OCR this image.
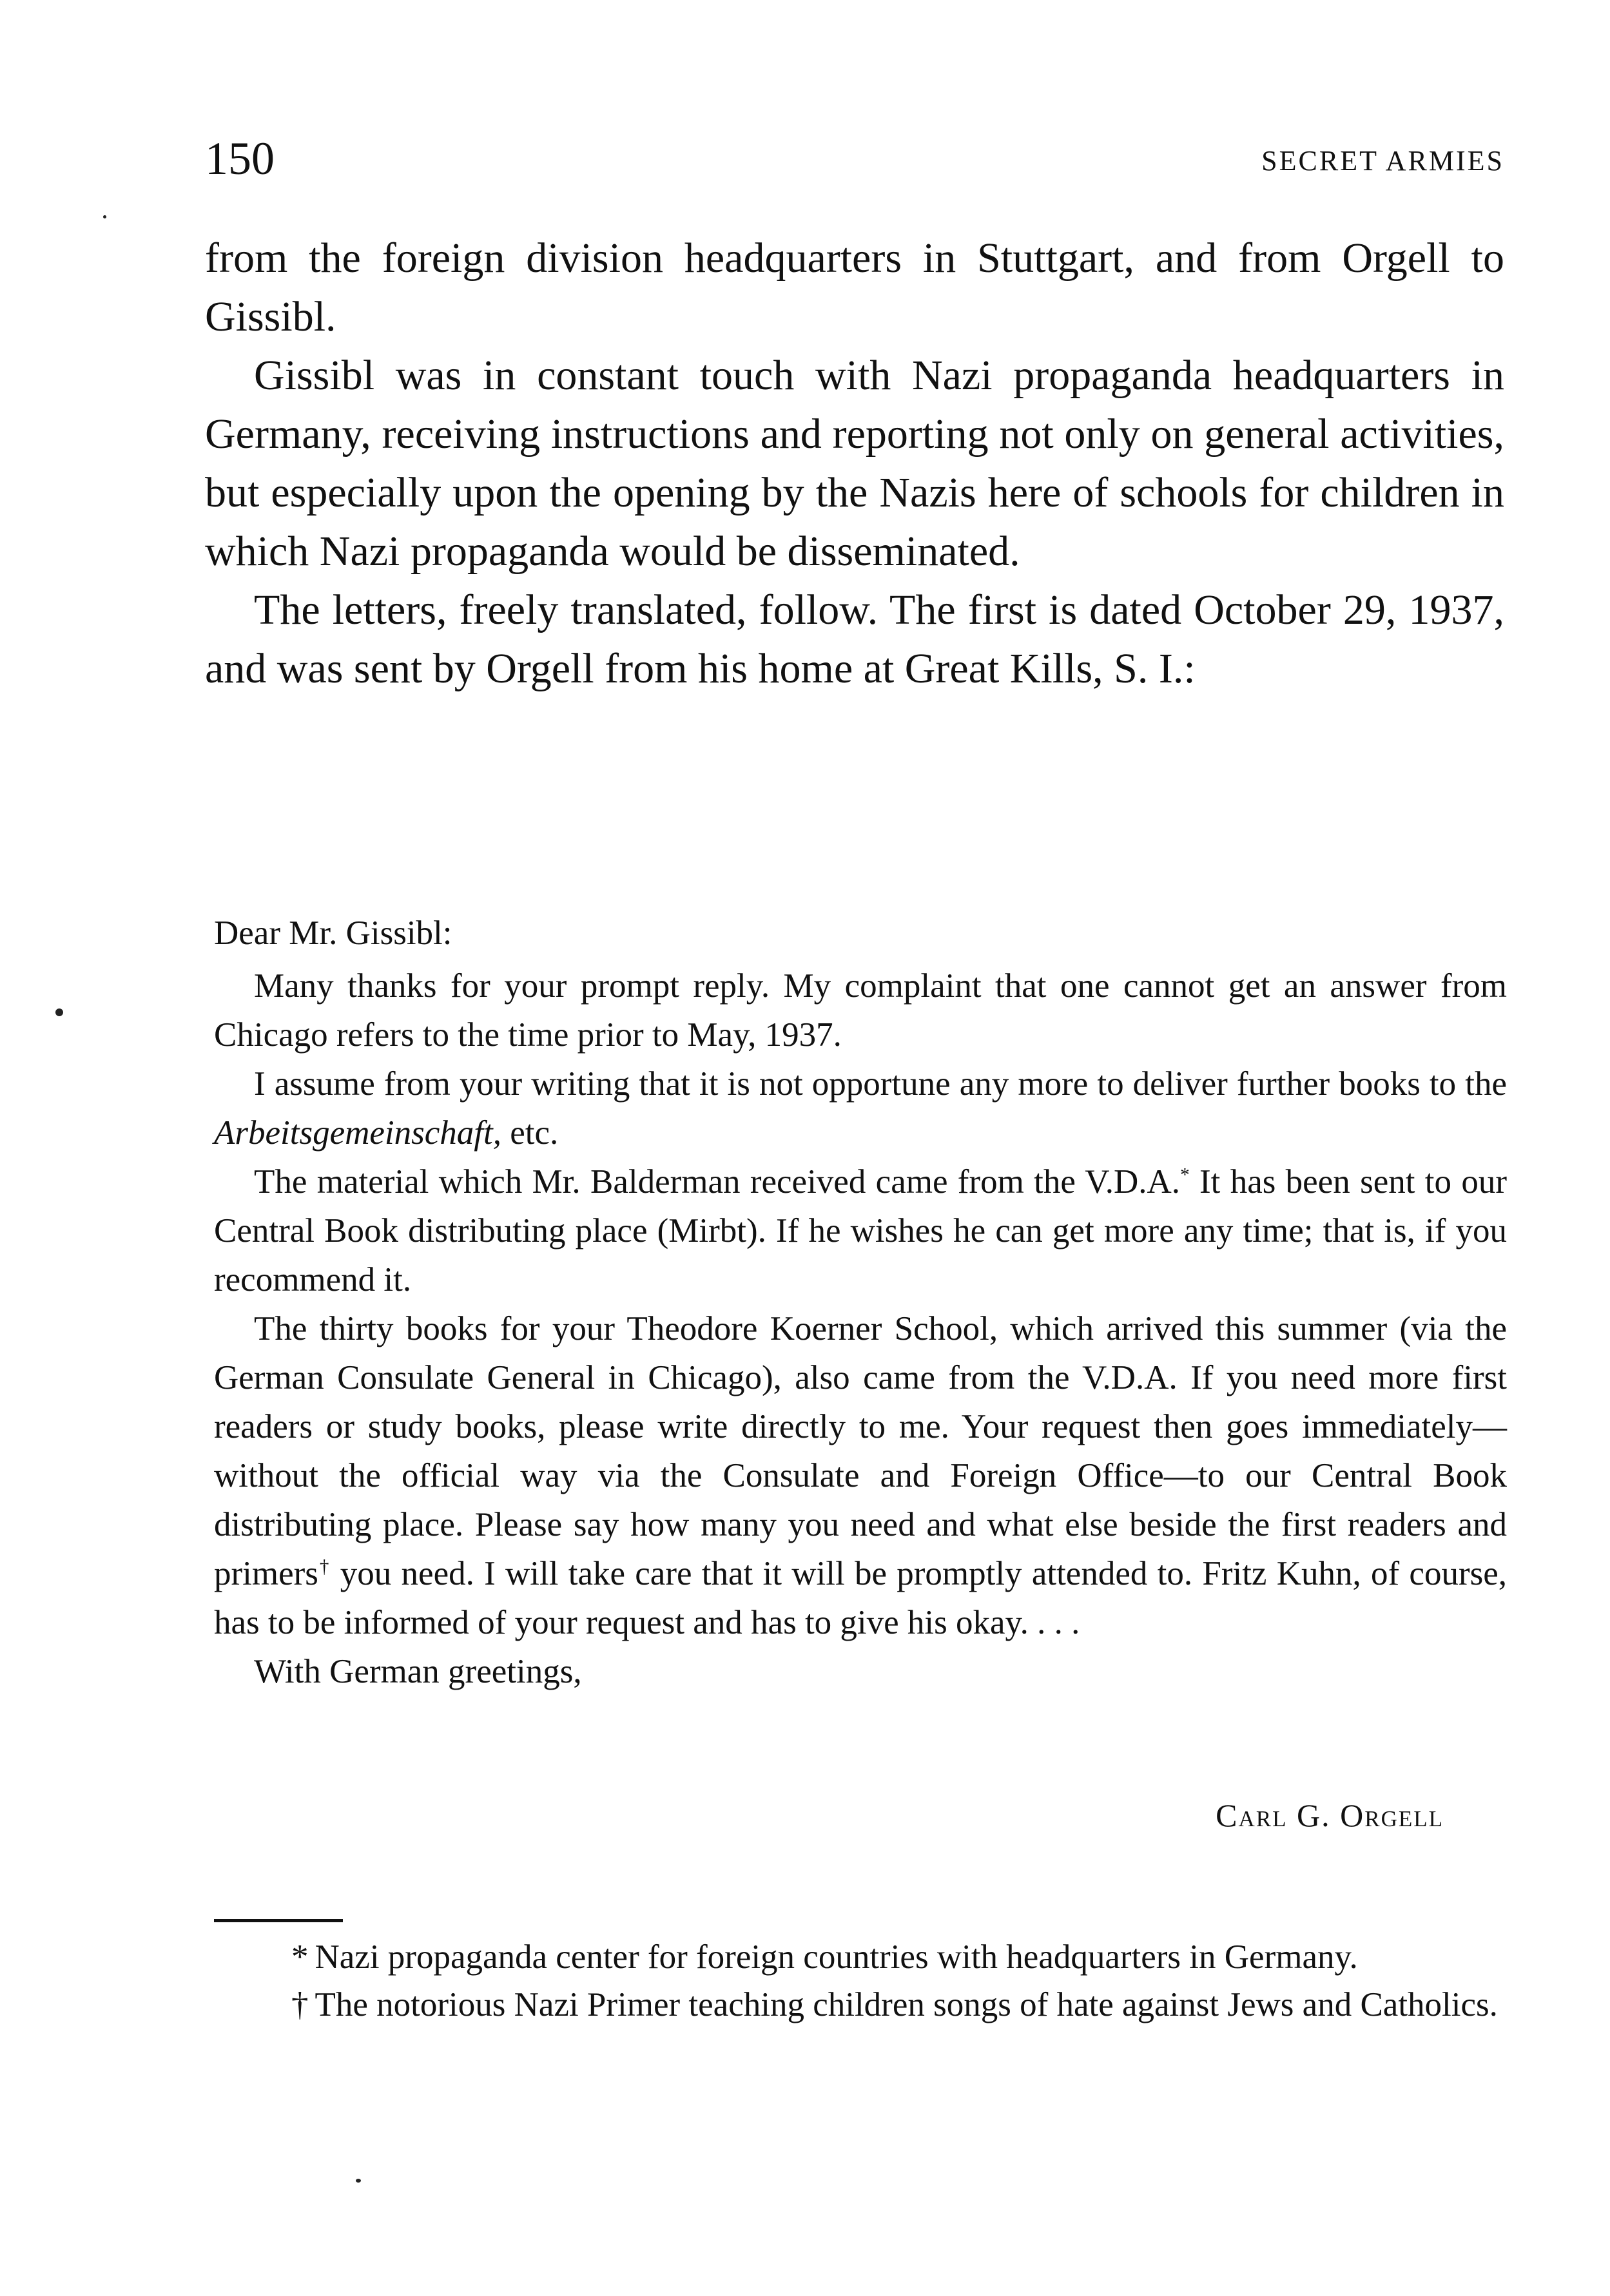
150	SECRET ARMIES

from the foreign division headquarters in Stuttgart, and from Orgell to Gissibl.

Gissibl was in constant touch with Nazi propaganda headquarters in Germany, receiving instructions and reporting not only on general activities, but especially upon the opening by the Nazis here of schools for children in which Nazi propaganda would be disseminated.

The letters, freely translated, follow. The first is dated October 29, 1937, and was sent by Orgell from his home at Great Kills, S. I.:

Dear Mr. Gissibl:

Many thanks for your prompt reply. My complaint that one cannot get an answer from Chicago refers to the time prior to May, 1937.

I assume from your writing that it is not opportune any more to deliver further books to the Arbeitsgemeinschaft, etc.

The material which Mr. Balderman received came from the V.D.A.* It has been sent to our Central Book distributing place (Mirbt). If he wishes he can get more any time; that is, if you recommend it.

The thirty books for your Theodore Koerner School, which arrived this summer (via the German Consulate General in Chicago), also came from the V.D.A. If you need more first readers or study books, please write directly to me. Your request then goes immediately—without the official way via the Consulate and Foreign Office—to our Central Book distributing place. Please say how many you need and what else beside the first readers and primers† you need. I will take care that it will be promptly attended to. Fritz Kuhn, of course, has to be informed of your request and has to give his okay. . . .

With German greetings,

Carl G. Orgell

* Nazi propaganda center for foreign countries with headquarters in Germany.

† The notorious Nazi Primer teaching children songs of hate against Jews and Catholics.
